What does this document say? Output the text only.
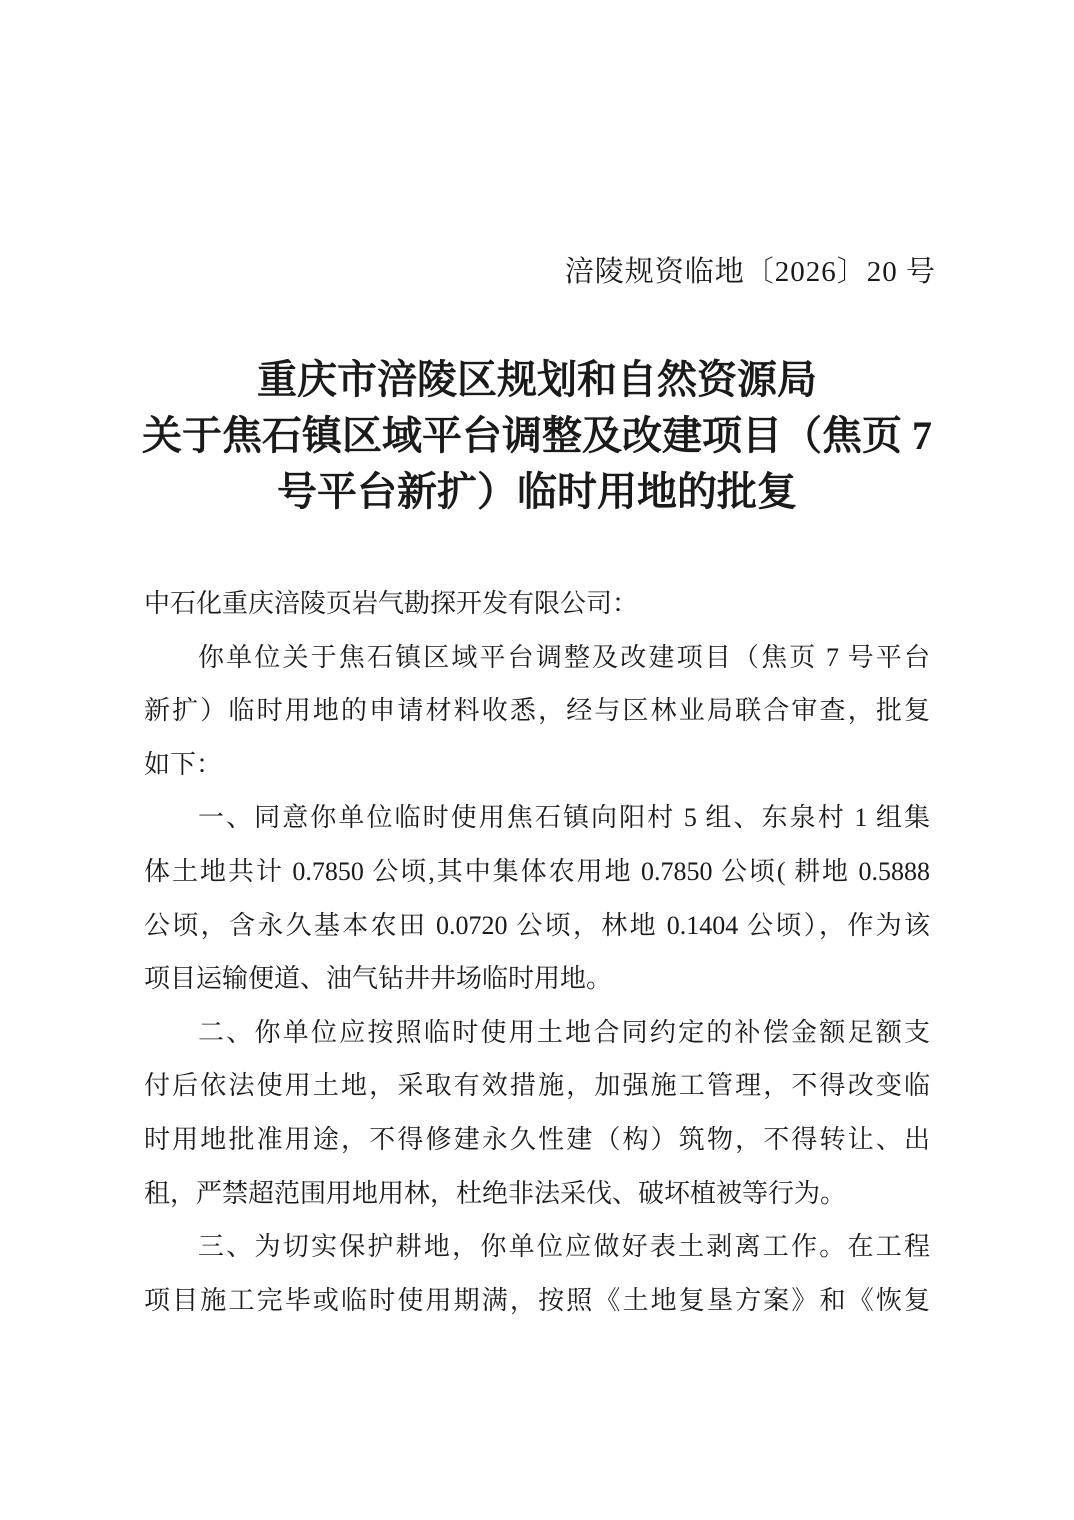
涪陵规资临地〔2026〕20 号
重庆市涪陵区规划和自然资源局
关于焦石镇区域平台调整及改建项目（焦页 7
号平台新扩）临时用地的批复
中石化重庆涪陵页岩气勘探开发有限公司：
你单位关于焦石镇区域平台调整及改建项目（焦页 7 号平台
新扩）临时用地的申请材料收悉，经与区林业局联合审查，批复
如下：
一、同意你单位临时使用焦石镇向阳村 5 组、东泉村 1 组集
体土地共计 0.7850 公顷,其中集体农用地 0.7850 公顷( 耕地 0.5888
公顷，含永久基本农田 0.0720 公顷，林地 0.1404 公顷），作为该
项目运输便道、油气钻井井场临时用地。
二、你单位应按照临时使用土地合同约定的补偿金额足额支
付后依法使用土地，采取有效措施，加强施工管理，不得改变临
时用地批准用途，不得修建永久性建（构）筑物，不得转让、出
租，严禁超范围用地用林，杜绝非法采伐、破坏植被等行为。
三、为切实保护耕地，你单位应做好表土剥离工作。在工程
项目施工完毕或临时使用期满，按照《土地复垦方案》和《恢复
